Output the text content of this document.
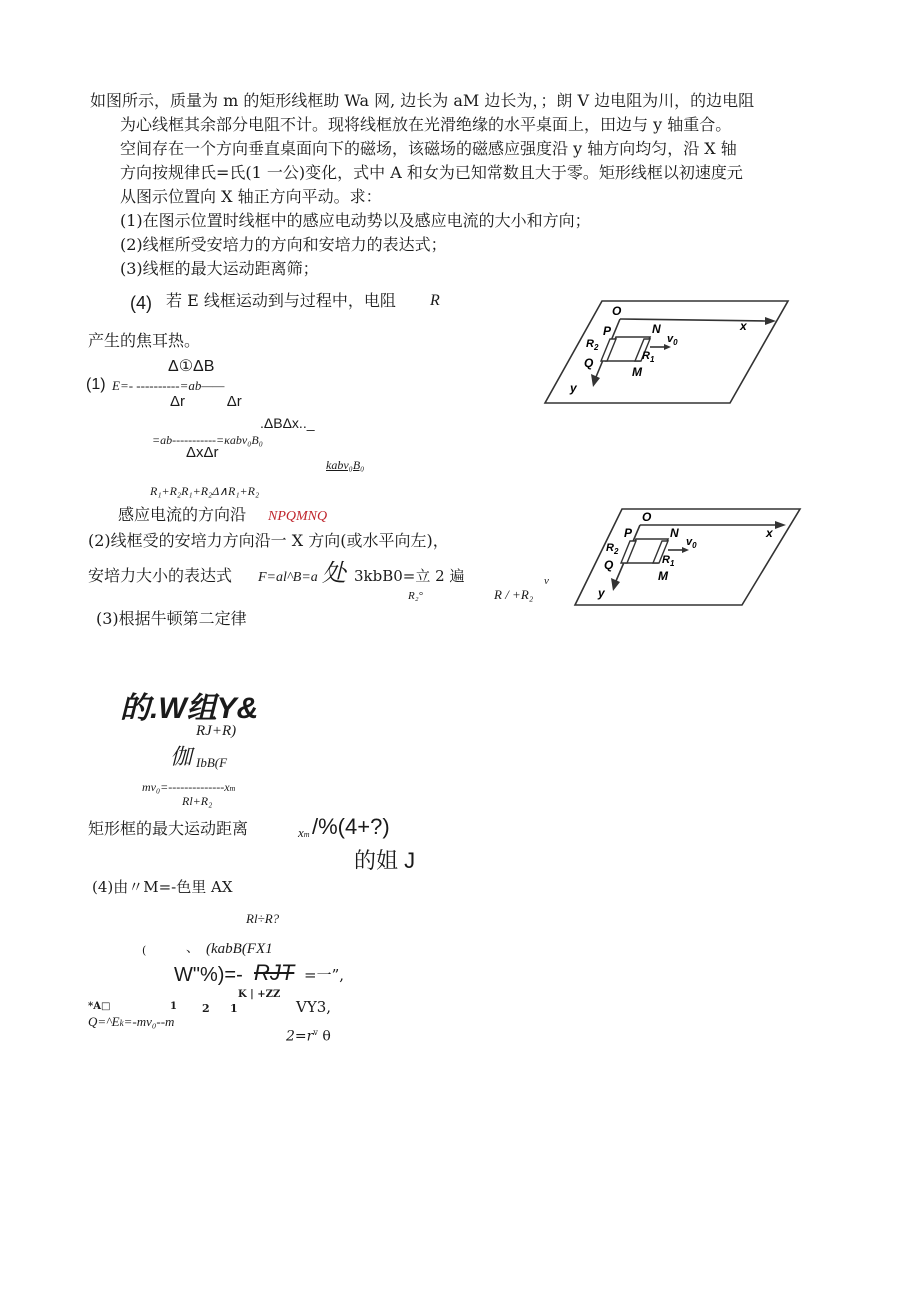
如图所示，质量为 m 的矩形线框助 Wa 网, 边长为 aM 边长为，；朗 V 边电阻为川，的边电阻
为心线框其余部分电阻不计。现将线框放在光滑绝缘的水平桌面上，田边与 y 轴重合。
空间存在一个方向垂直桌面向下的磁场，该磁场的磁感应强度沿 y 轴方向均匀，沿 X 轴
方向按规律氏=氏(1 一公)变化，式中 A 和女为已知常数且大于零。矩形线框以初速度元
从图示位置向 X 轴正方向平动。求：
(1)在图示位置时线框中的感应电动势以及感应电流的大小和方向；
(2)线框所受安培力的方向和安培力的表达式；
(3)线框的最大运动距离筛；
(4) 若 E 线框运动到与过程中，电阻 R
产生的焦耳热。
O
x
y
P	N
Q
M
$R_2$
$R_1$
$v_0$
Δ①ΔB
(1) E=- ----------=ab——
Δr          Δr
.ΔBΔx.._
=ab-----------=κabv₀B₀
ΔxΔr
kabv₀B₀
R₁+R₂R₁+R₂Δ∧R₁+R₂
感应电流的方向沿 NPQMNQ	O
x
y
P	N
Q
M
$R_2$
$R_1$
$v_0$
(2)线框受的安培力方向沿一 X 方向(或水平向左)，
安培力大小的表达式 F=al^B=a 处 3kbB0=立 2 遍	v
R₂°	R / +R₂
(3)根据牛顿第二定律
的.W组Y&
RJ+R)
伽 IbB(F
mv₀=--------------xm
Rl+R₂
矩形框的最大运动距离	xm /%(4+?)
的姐 J
(4)由〃M=-色里 AX
Rl÷R?
(	、 (kabB(FX1
W"%)=- RJT =一”,
K | +ZZ
*A□	1 2 1	VY3,
Q=^Ek=-mv₀--m
$2=r^v$ θ
